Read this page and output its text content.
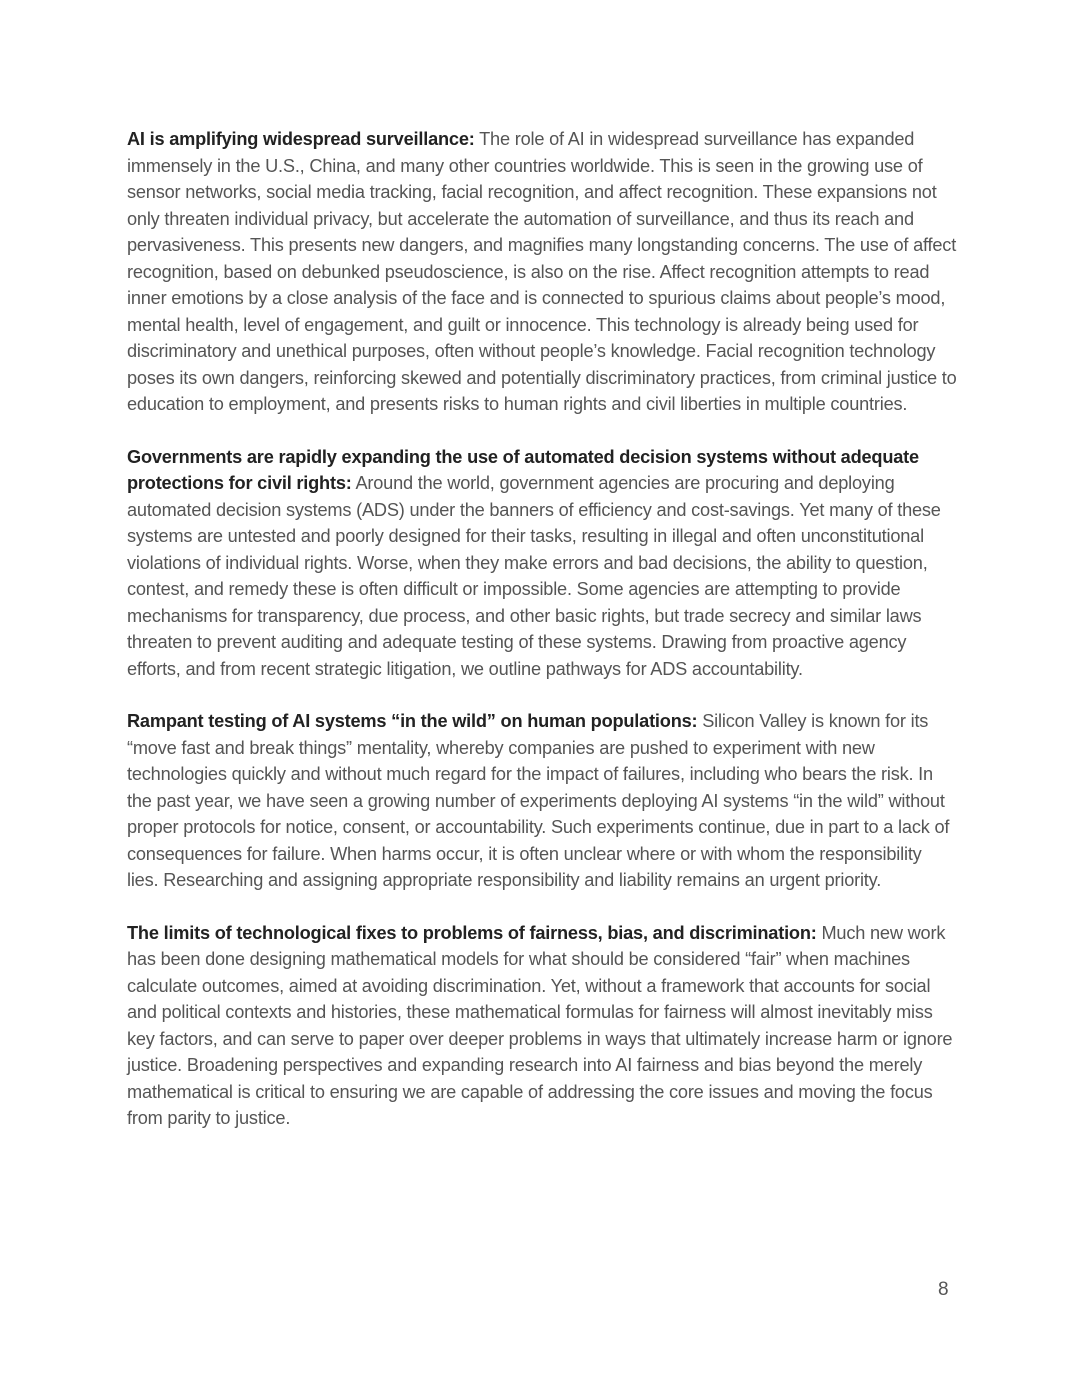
AI is amplifying widespread surveillance: The role of AI in widespread surveillance has expanded immensely in the U.S., China, and many other countries worldwide. This is seen in the growing use of sensor networks, social media tracking, facial recognition, and affect recognition. These expansions not only threaten individual privacy, but accelerate the automation of surveillance, and thus its reach and pervasiveness. This presents new dangers, and magnifies many longstanding concerns. The use of affect recognition, based on debunked pseudoscience, is also on the rise. Affect recognition attempts to read inner emotions by a close analysis of the face and is connected to spurious claims about people’s mood, mental health, level of engagement, and guilt or innocence. This technology is already being used for discriminatory and unethical purposes, often without people’s knowledge. Facial recognition technology poses its own dangers, reinforcing skewed and potentially discriminatory practices, from criminal justice to education to employment, and presents risks to human rights and civil liberties in multiple countries.

Governments are rapidly expanding the use of automated decision systems without adequate protections for civil rights: Around the world, government agencies are procuring and deploying automated decision systems (ADS) under the banners of efficiency and cost-savings. Yet many of these systems are untested and poorly designed for their tasks, resulting in illegal and often unconstitutional violations of individual rights. Worse, when they make errors and bad decisions, the ability to question, contest, and remedy these is often difficult or impossible. Some agencies are attempting to provide mechanisms for transparency, due process, and other basic rights, but trade secrecy and similar laws threaten to prevent auditing and adequate testing of these systems. Drawing from proactive agency efforts, and from recent strategic litigation, we outline pathways for ADS accountability.

Rampant testing of AI systems “in the wild” on human populations: Silicon Valley is known for its “move fast and break things” mentality, whereby companies are pushed to experiment with new technologies quickly and without much regard for the impact of failures, including who bears the risk. In the past year, we have seen a growing number of experiments deploying AI systems “in the wild” without proper protocols for notice, consent, or accountability. Such experiments continue, due in part to a lack of consequences for failure. When harms occur, it is often unclear where or with whom the responsibility lies. Researching and assigning appropriate responsibility and liability remains an urgent priority.

The limits of technological fixes to problems of fairness, bias, and discrimination: Much new work has been done designing mathematical models for what should be considered “fair” when machines calculate outcomes, aimed at avoiding discrimination. Yet, without a framework that accounts for social and political contexts and histories, these mathematical formulas for fairness will almost inevitably miss key factors, and can serve to paper over deeper problems in ways that ultimately increase harm or ignore justice. Broadening perspectives and expanding research into AI fairness and bias beyond the merely mathematical is critical to ensuring we are capable of addressing the core issues and moving the focus from parity to justice.

8
